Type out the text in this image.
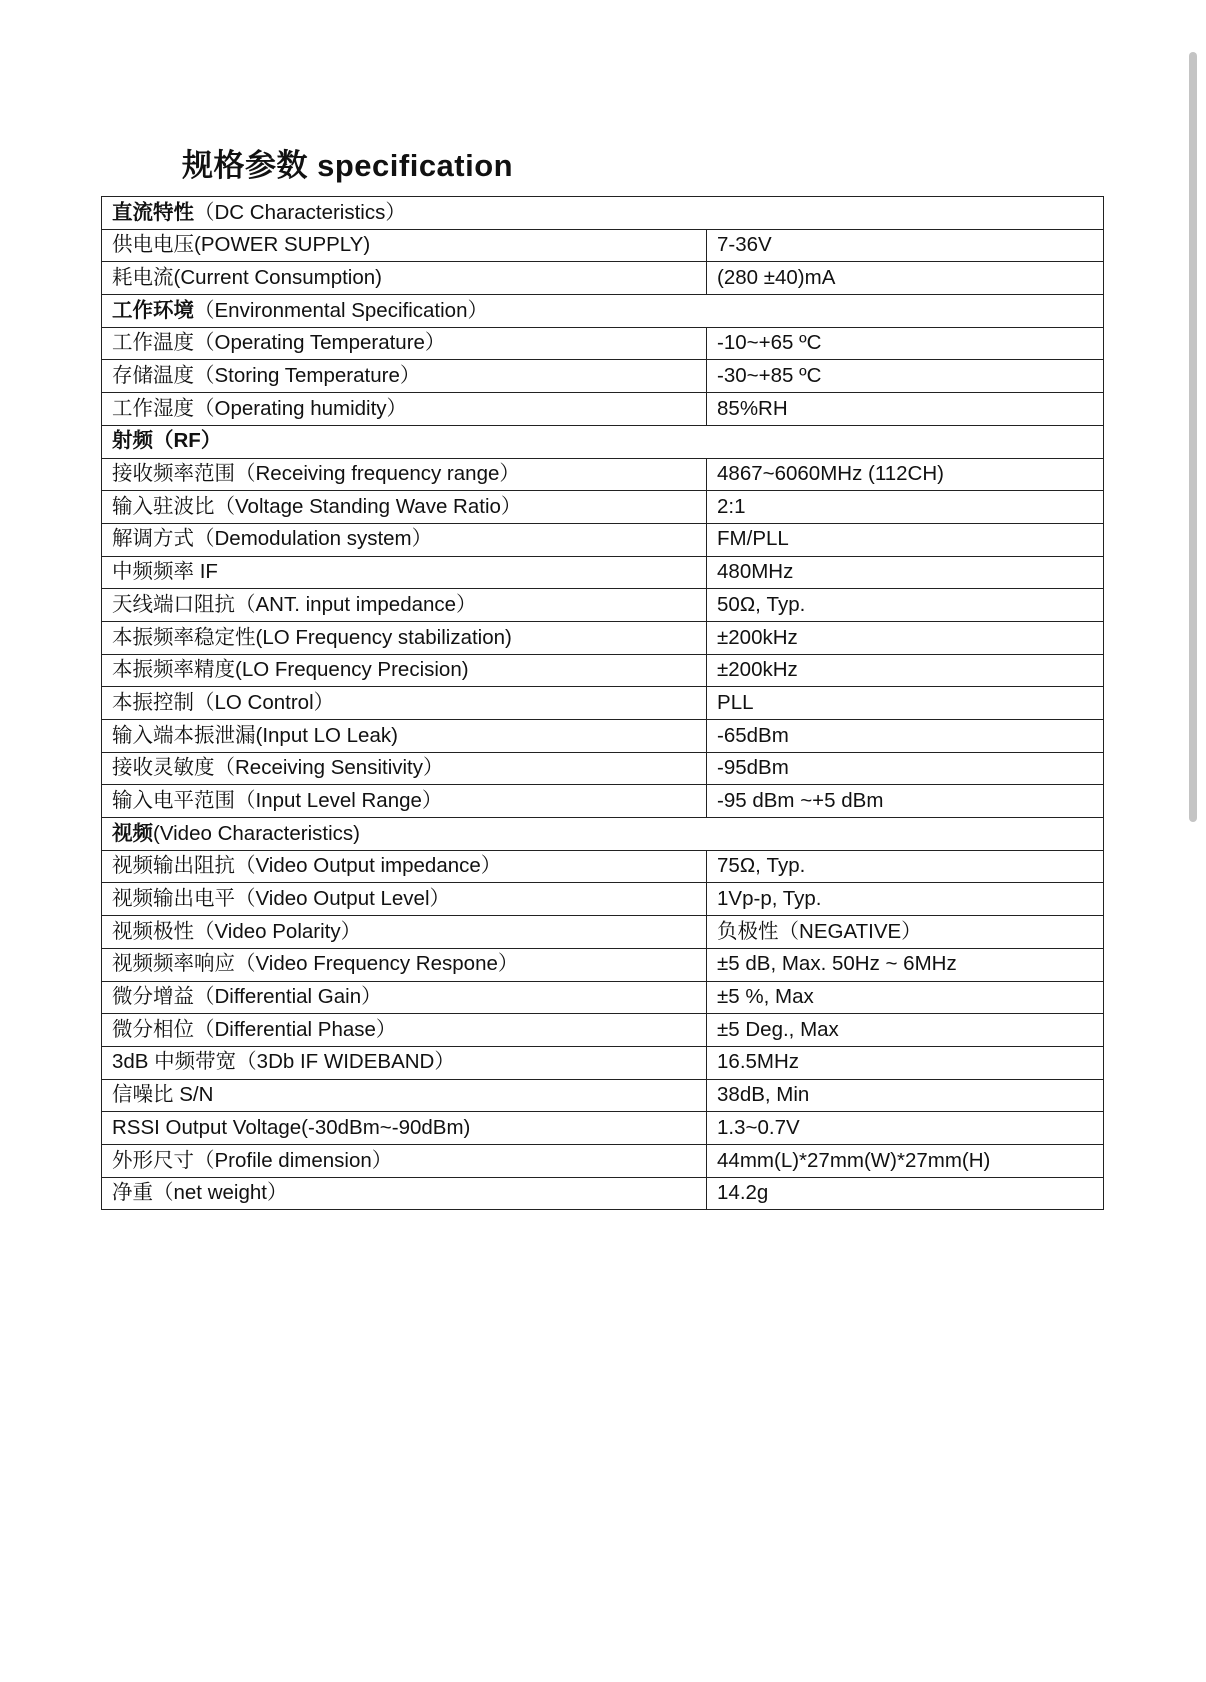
规格参数 specification
直流特性（DC Characteristics）	
供电电压(POWER SUPPLY)	7-36V
耗电流(Current Consumption)	(280 ±40)mA
工作环境（Environmental Specification）	
工作温度（Operating Temperature）	-10~+65 ºC
存储温度（Storing Temperature）	-30~+85 ºC
工作湿度（Operating humidity）	85%RH
射频（RF）	
接收频率范围（Receiving frequency range）	4867~6060MHz (112CH)
输入驻波比（Voltage Standing Wave Ratio）	2:1
解调方式（Demodulation system）	FM/PLL
中频频率 IF	480MHz
天线端口阻抗（ANT. input impedance）	50Ω, Typ.
本振频率稳定性(LO Frequency stabilization)	±200kHz
本振频率精度(LO Frequency Precision)	±200kHz
本振控制（LO Control）	PLL
输入端本振泄漏(Input LO Leak)	-65dBm
接收灵敏度（Receiving Sensitivity）	-95dBm
输入电平范围（Input Level Range）	-95 dBm ~+5 dBm
视频(Video Characteristics)	
视频输出阻抗（Video Output impedance）	75Ω, Typ.
视频输出电平（Video Output Level）	1Vp-p, Typ.
视频极性（Video Polarity）	负极性（NEGATIVE）
视频频率响应（Video Frequency Respone）	±5 dB, Max. 50Hz ~ 6MHz
微分增益（Differential Gain）	±5 %, Max
微分相位（Differential Phase）	±5 Deg., Max
3dB 中频带宽（3Db IF WIDEBAND）	16.5MHz
信噪比 S/N	38dB, Min
RSSI Output Voltage(-30dBm~-90dBm)	1.3~0.7V
外形尺寸（Profile dimension）	44mm(L)*27mm(W)*27mm(H)
净重（net weight）	14.2g
